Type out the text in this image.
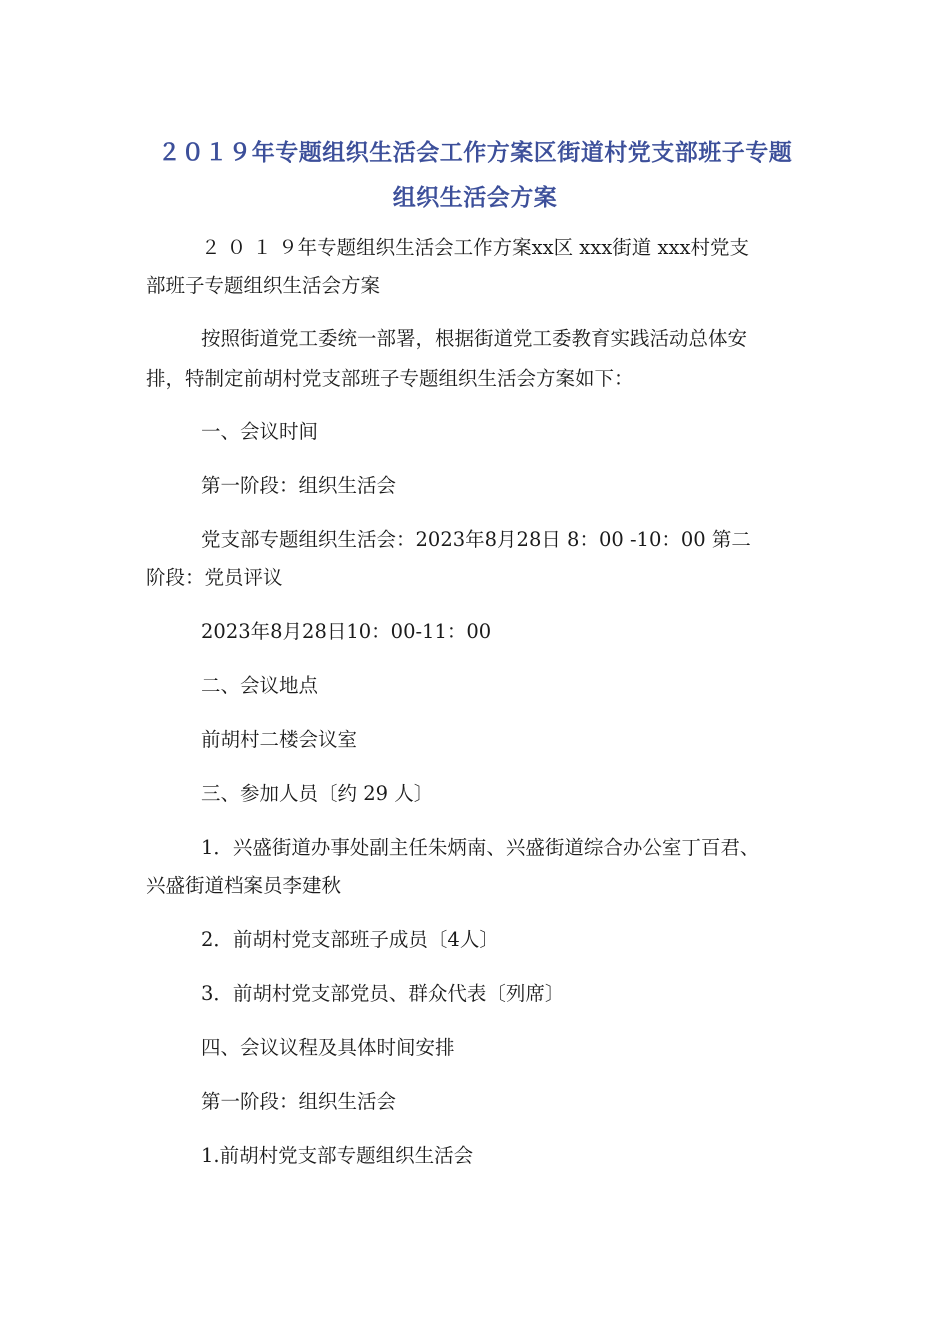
２０１９年专题组织生活会工作方案区街道村党支部班子专题
组织生活会方案
２ ０ １ ９年专题组织生活会工作方案xx区 xxx街道 xxx村党支
部班子专题组织生活会方案
按照街道党工委统一部署，根据街道党工委教育实践活动总体安
排，特制定前胡村党支部班子专题组织生活会方案如下：
一、会议时间
第一阶段：组织生活会
党支部专题组织生活会：2023年8月28日 8：00 -10：00 第二
阶段：党员评议
2023年8月28日10：00-11：00
二、会议地点
前胡村二楼会议室
三、参加人员〔约 29 人〕
1．兴盛街道办事处副主任朱炳南、兴盛街道综合办公室丁百君、
兴盛街道档案员李建秋
2．前胡村党支部班子成员〔4人〕
3．前胡村党支部党员、群众代表〔列席〕
四、会议议程及具体时间安排
第一阶段：组织生活会
1.前胡村党支部专题组织生活会
